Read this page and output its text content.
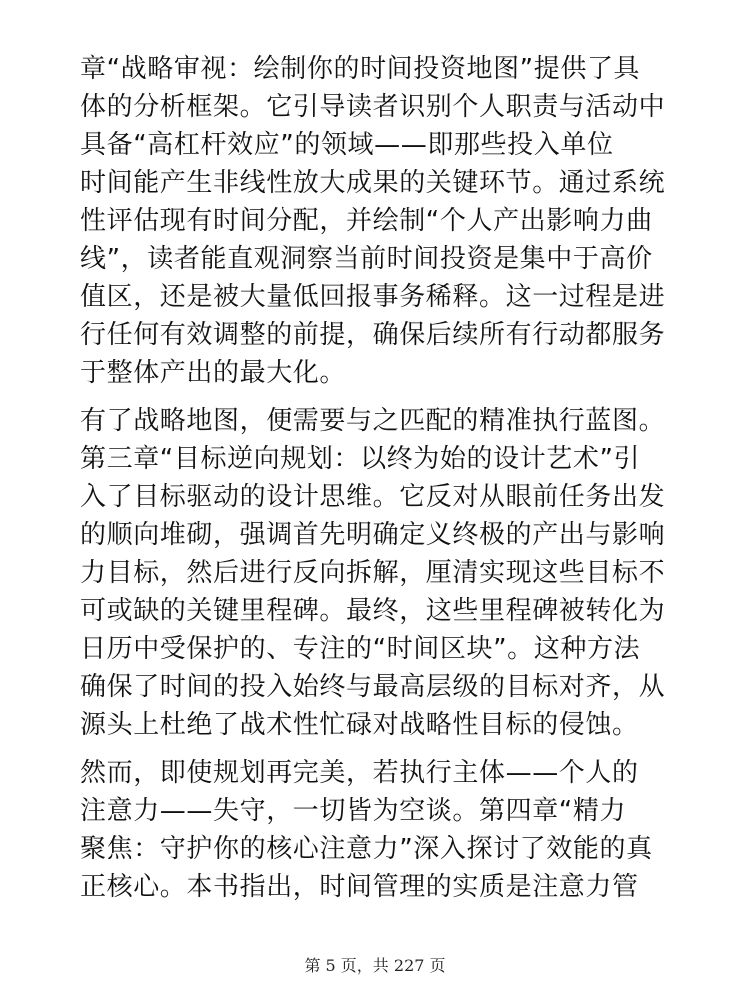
章“战略审视：绘制你的时间投资地图”提供了具
体的分析框架。它引导读者识别个人职责与活动中
具备“高杠杆效应”的领域——即那些投入单位
时间能产生非线性放大成果的关键环节。通过系统
性评估现有时间分配，并绘制“个人产出影响力曲
线”，读者能直观洞察当前时间投资是集中于高价
值区，还是被大量低回报事务稀释。这一过程是进
行任何有效调整的前提，确保后续所有行动都服务
于整体产出的最大化。
有了战略地图，便需要与之匹配的精准执行蓝图。
第三章“目标逆向规划：以终为始的设计艺术”引
入了目标驱动的设计思维。它反对从眼前任务出发
的顺向堆砌，强调首先明确定义终极的产出与影响
力目标，然后进行反向拆解，厘清实现这些目标不
可或缺的关键里程碑。最终，这些里程碑被转化为
日历中受保护的、专注的“时间区块”。这种方法
确保了时间的投入始终与最高层级的目标对齐，从
源头上杜绝了战术性忙碌对战略性目标的侵蚀。
然而，即使规划再完美，若执行主体——个人的
注意力——失守，一切皆为空谈。第四章“精力
聚焦：守护你的核心注意力”深入探讨了效能的真
正核心。本书指出，时间管理的实质是注意力管
第 5 页，共 227 页
